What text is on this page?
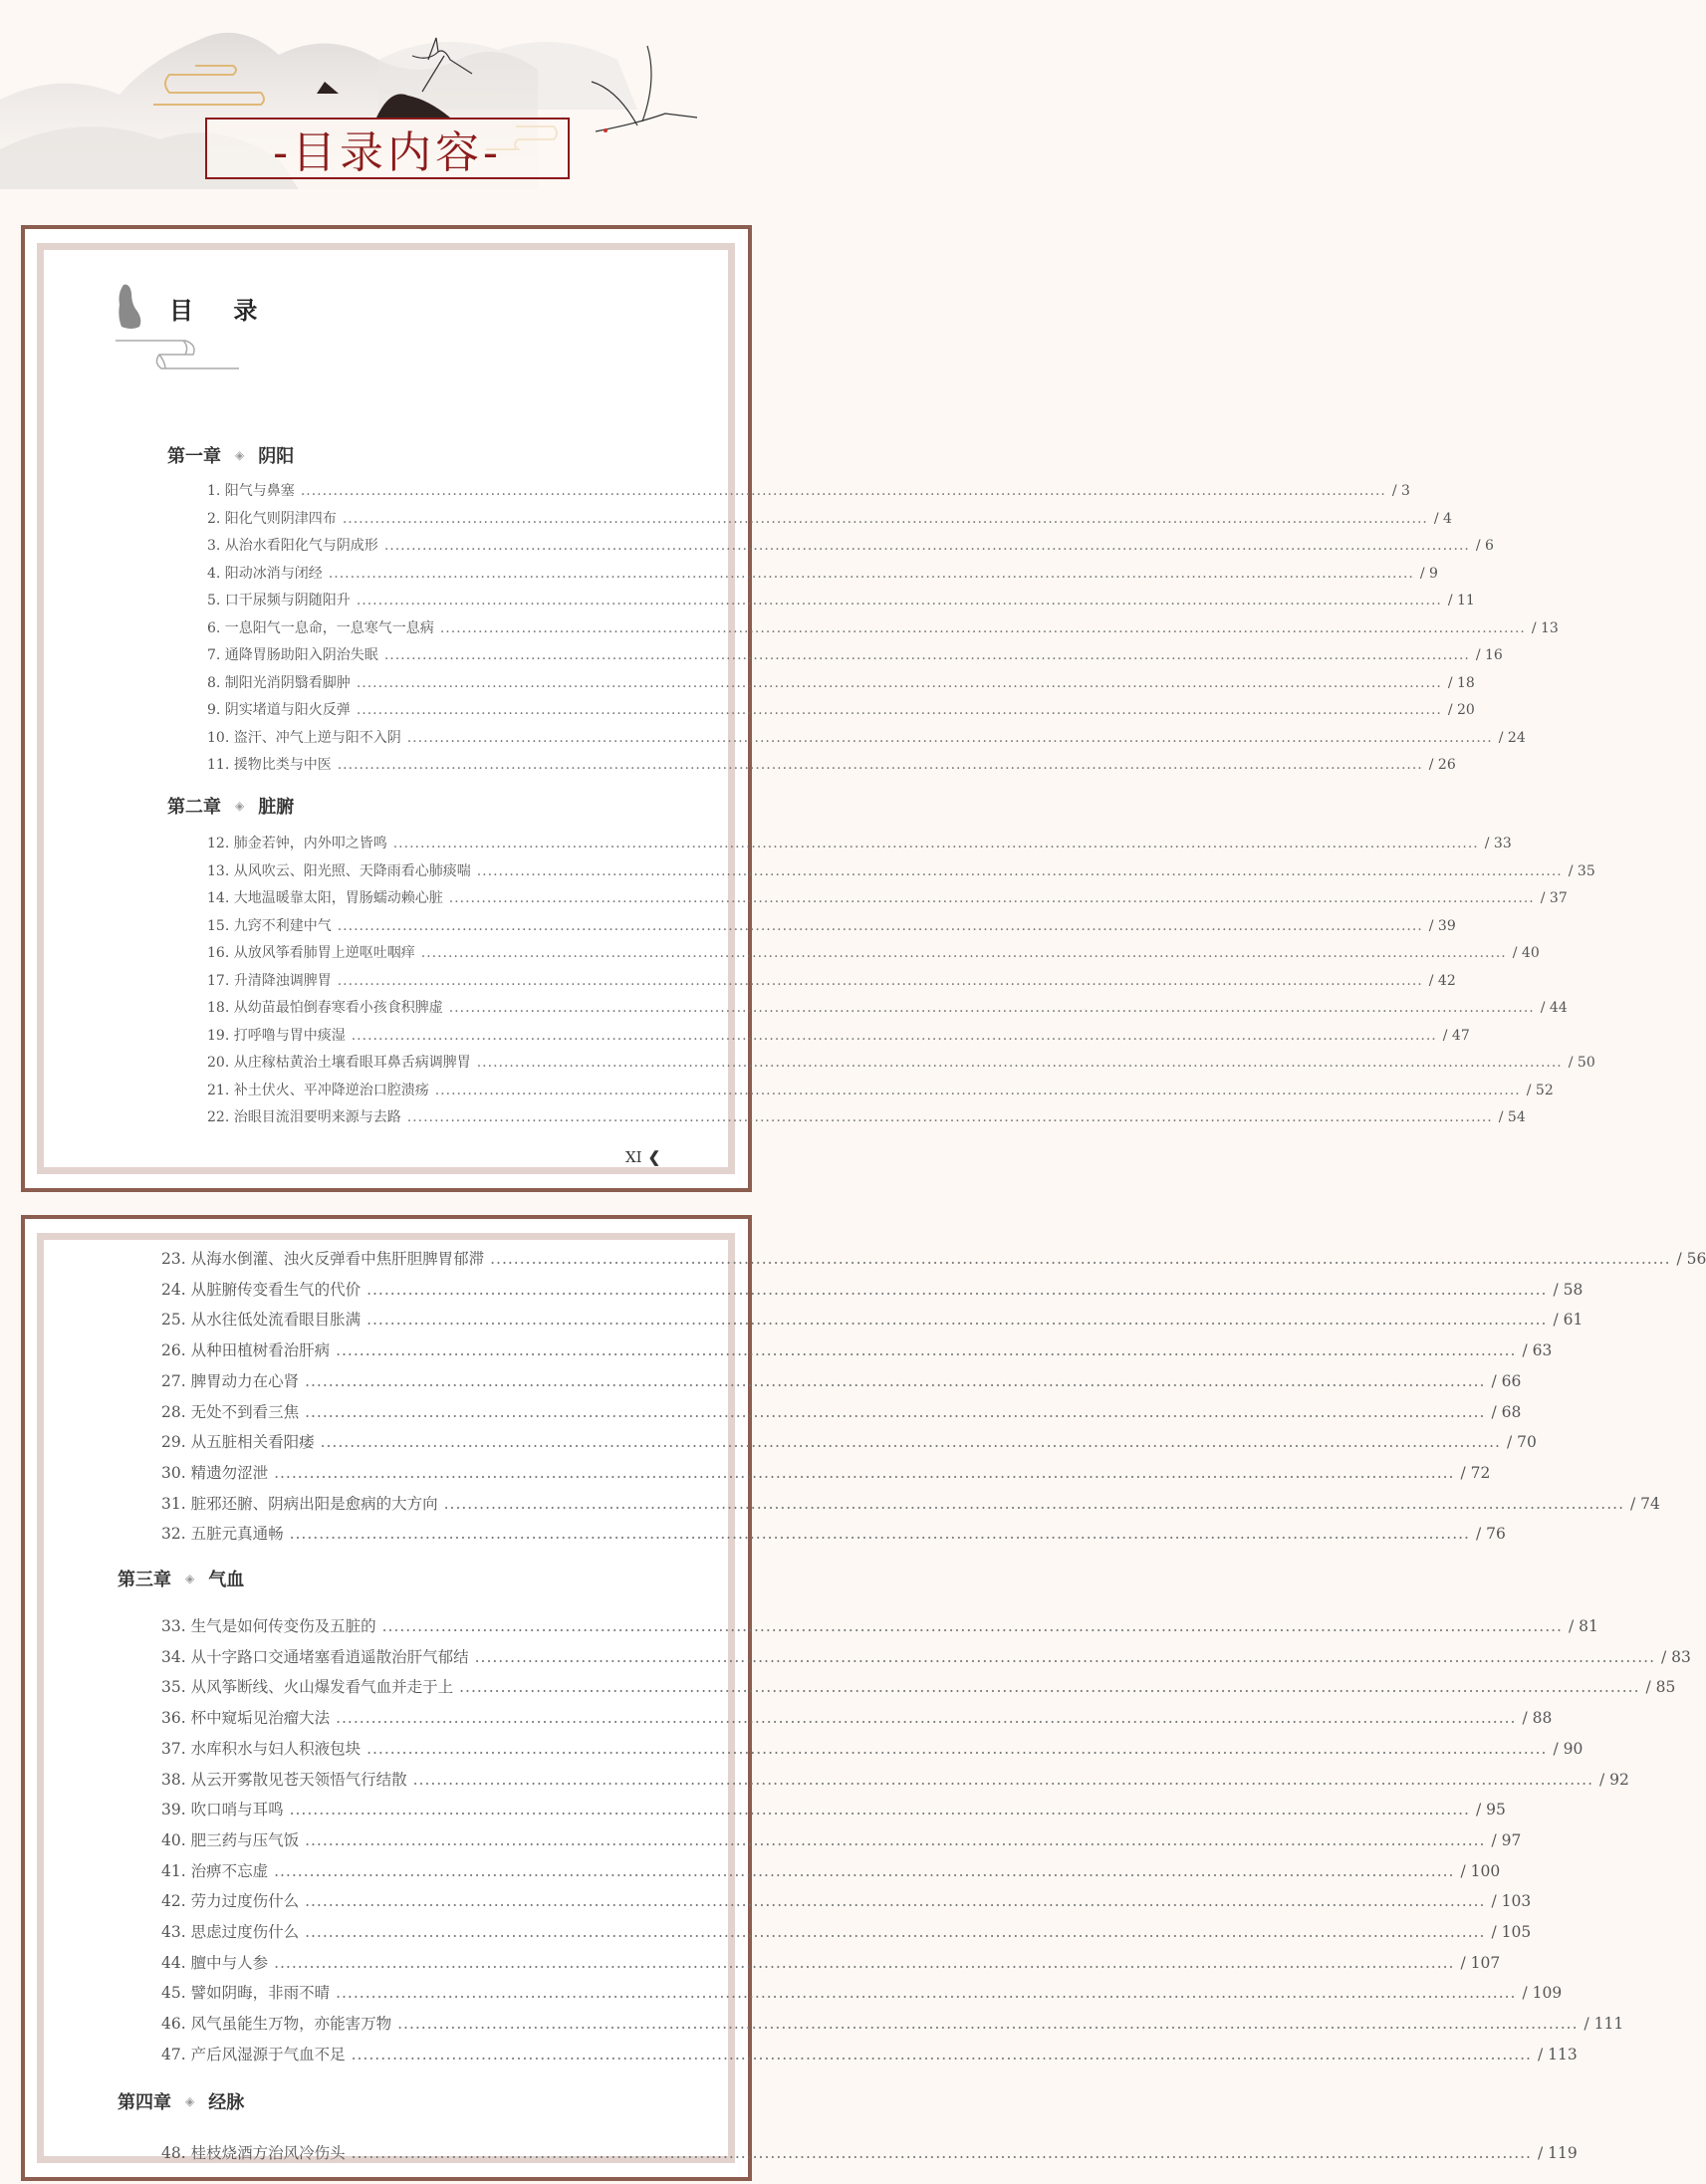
-目录内容-
目 录
第一章 ◈ 阴阳
1. 阳气与鼻塞 ........................................................................................................................................................................................................ / 3
2. 阳化气则阴津四布 ........................................................................................................................................................................................................ / 4
3. 从治水看阳化气与阴成形 ........................................................................................................................................................................................................ / 6
4. 阳动冰消与闭经 ........................................................................................................................................................................................................ / 9
5. 口干尿频与阴随阳升 ........................................................................................................................................................................................................ / 11
6. 一息阳气一息命，一息寒气一息病 ........................................................................................................................................................................................................ / 13
7. 通降胃肠助阳入阴治失眠 ........................................................................................................................................................................................................ / 16
8. 制阳光消阴翳看脚肿 ........................................................................................................................................................................................................ / 18
9. 阴实堵道与阳火反弹 ........................................................................................................................................................................................................ / 20
10. 盗汗、冲气上逆与阳不入阴 ........................................................................................................................................................................................................ / 24
11. 援物比类与中医 ........................................................................................................................................................................................................ / 26
第二章 ◈ 脏腑
12. 肺金若钟，内外叩之皆鸣 ........................................................................................................................................................................................................ / 33
13. 从风吹云、阳光照、天降雨看心肺痰喘 ........................................................................................................................................................................................................ / 35
14. 大地温暖靠太阳，胃肠蠕动赖心脏 ........................................................................................................................................................................................................ / 37
15. 九窍不利建中气 ........................................................................................................................................................................................................ / 39
16. 从放风筝看肺胃上逆呕吐咽痒 ........................................................................................................................................................................................................ / 40
17. 升清降浊调脾胃 ........................................................................................................................................................................................................ / 42
18. 从幼苗最怕倒春寒看小孩食积脾虚 ........................................................................................................................................................................................................ / 44
19. 打呼噜与胃中痰湿 ........................................................................................................................................................................................................ / 47
20. 从庄稼枯黄治土壤看眼耳鼻舌病调脾胃 ........................................................................................................................................................................................................ / 50
21. 补土伏火、平冲降逆治口腔溃疡 ........................................................................................................................................................................................................ / 52
22. 治眼目流泪要明来源与去路 ........................................................................................................................................................................................................ / 54
XI ❮
23. 从海水倒灌、浊火反弹看中焦肝胆脾胃郁滞 ........................................................................................................................................................................................................ / 56
24. 从脏腑传变看生气的代价 ........................................................................................................................................................................................................ / 58
25. 从水往低处流看眼目胀满 ........................................................................................................................................................................................................ / 61
26. 从种田植树看治肝病 ........................................................................................................................................................................................................ / 63
27. 脾胃动力在心肾 ........................................................................................................................................................................................................ / 66
28. 无处不到看三焦 ........................................................................................................................................................................................................ / 68
29. 从五脏相关看阳痿 ........................................................................................................................................................................................................ / 70
30. 精遗勿涩泄 ........................................................................................................................................................................................................ / 72
31. 脏邪还腑、阴病出阳是愈病的大方向 ........................................................................................................................................................................................................ / 74
32. 五脏元真通畅 ........................................................................................................................................................................................................ / 76
第三章 ◈ 气血
33. 生气是如何传变伤及五脏的 ........................................................................................................................................................................................................ / 81
34. 从十字路口交通堵塞看逍遥散治肝气郁结 ........................................................................................................................................................................................................ / 83
35. 从风筝断线、火山爆发看气血并走于上 ........................................................................................................................................................................................................ / 85
36. 杯中窥垢见治瘤大法 ........................................................................................................................................................................................................ / 88
37. 水库积水与妇人积液包块 ........................................................................................................................................................................................................ / 90
38. 从云开雾散见苍天领悟气行结散 ........................................................................................................................................................................................................ / 92
39. 吹口哨与耳鸣 ........................................................................................................................................................................................................ / 95
40. 肥三药与压气饭 ........................................................................................................................................................................................................ / 97
41. 治痹不忘虚 ........................................................................................................................................................................................................ / 100
42. 劳力过度伤什么 ........................................................................................................................................................................................................ / 103
43. 思虑过度伤什么 ........................................................................................................................................................................................................ / 105
44. 膻中与人参 ........................................................................................................................................................................................................ / 107
45. 譬如阴晦，非雨不晴 ........................................................................................................................................................................................................ / 109
46. 风气虽能生万物，亦能害万物 ........................................................................................................................................................................................................ / 111
47. 产后风湿源于气血不足 ........................................................................................................................................................................................................ / 113
第四章 ◈ 经脉
48. 桂枝烧酒方治风冷伤头 ........................................................................................................................................................................................................ / 119
